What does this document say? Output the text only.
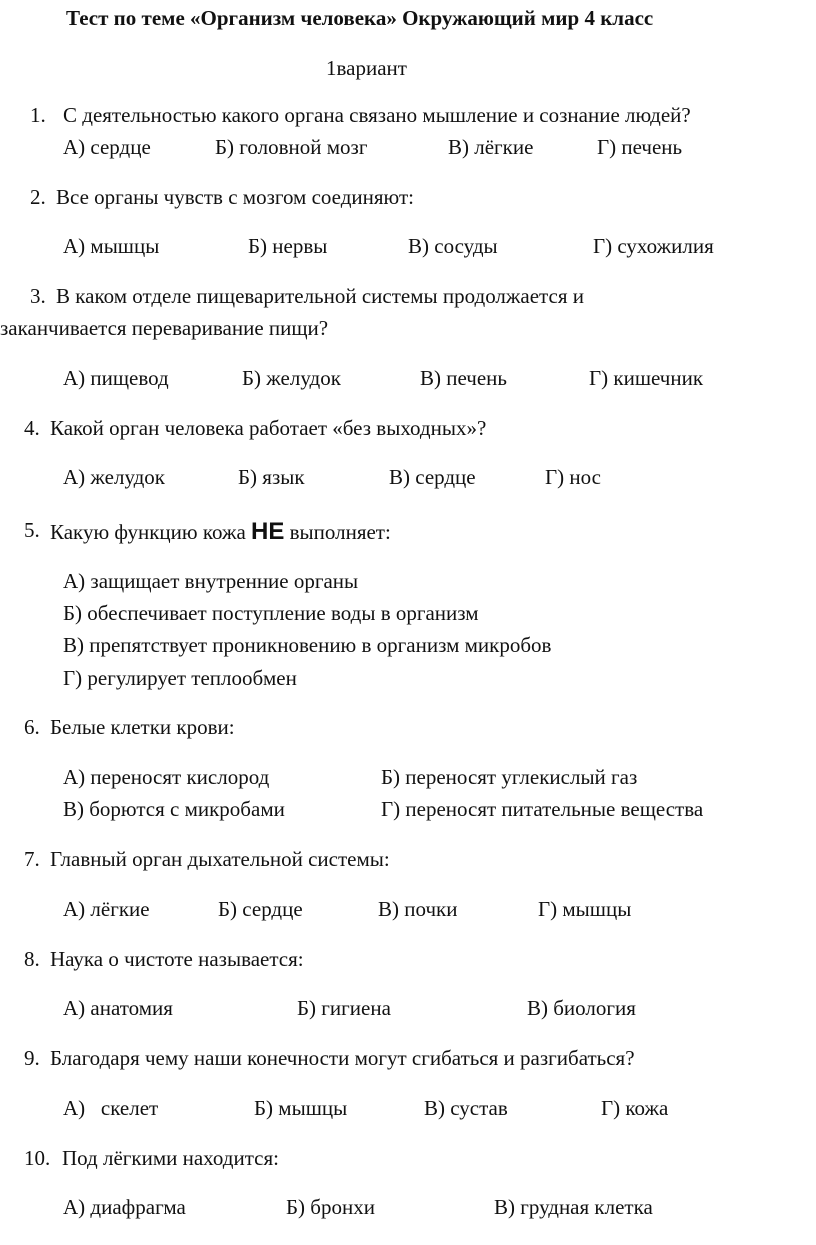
Тест по теме «Организм человека» Окружающий мир 4 класс
1вариант
1. С деятельностью какого органа связано мышление и сознание людей?
А) сердце	Б) головной мозг	В) лёгкие	Г) печень
2. Все органы чувств с мозгом соединяют:
А) мышцы	Б) нервы	В) сосуды	Г) сухожилия
3. В каком отделе пищеварительной системы продолжается и
заканчивается переваривание пищи?
А) пищевод	Б) желудок	В) печень	Г) кишечник
4. Какой орган человека работает «без выходных»?
А) желудок	Б) язык	В) сердце	Г) нос
5. Какую функцию кожа НЕ выполняет:
А) защищает внутренние органы
Б) обеспечивает поступление воды в организм
В) препятствует проникновению в организм микробов
Г) регулирует теплообмен
6. Белые клетки крови:
А) переносят кислород	Б) переносят углекислый газ
В) борются с микробами	Г) переносят питательные вещества
7. Главный орган дыхательной системы:
А) лёгкие	Б) сердце	В) почки	Г) мышцы
8. Наука о чистоте называется:
А) анатомия	Б) гигиена	В) биология
9. Благодаря чему наши конечности могут сгибаться и разгибаться?
А)   скелет	Б) мышцы	В) сустав	Г) кожа
10. Под лёгкими находится:
А) диафрагма	Б) бронхи	В) грудная клетка
